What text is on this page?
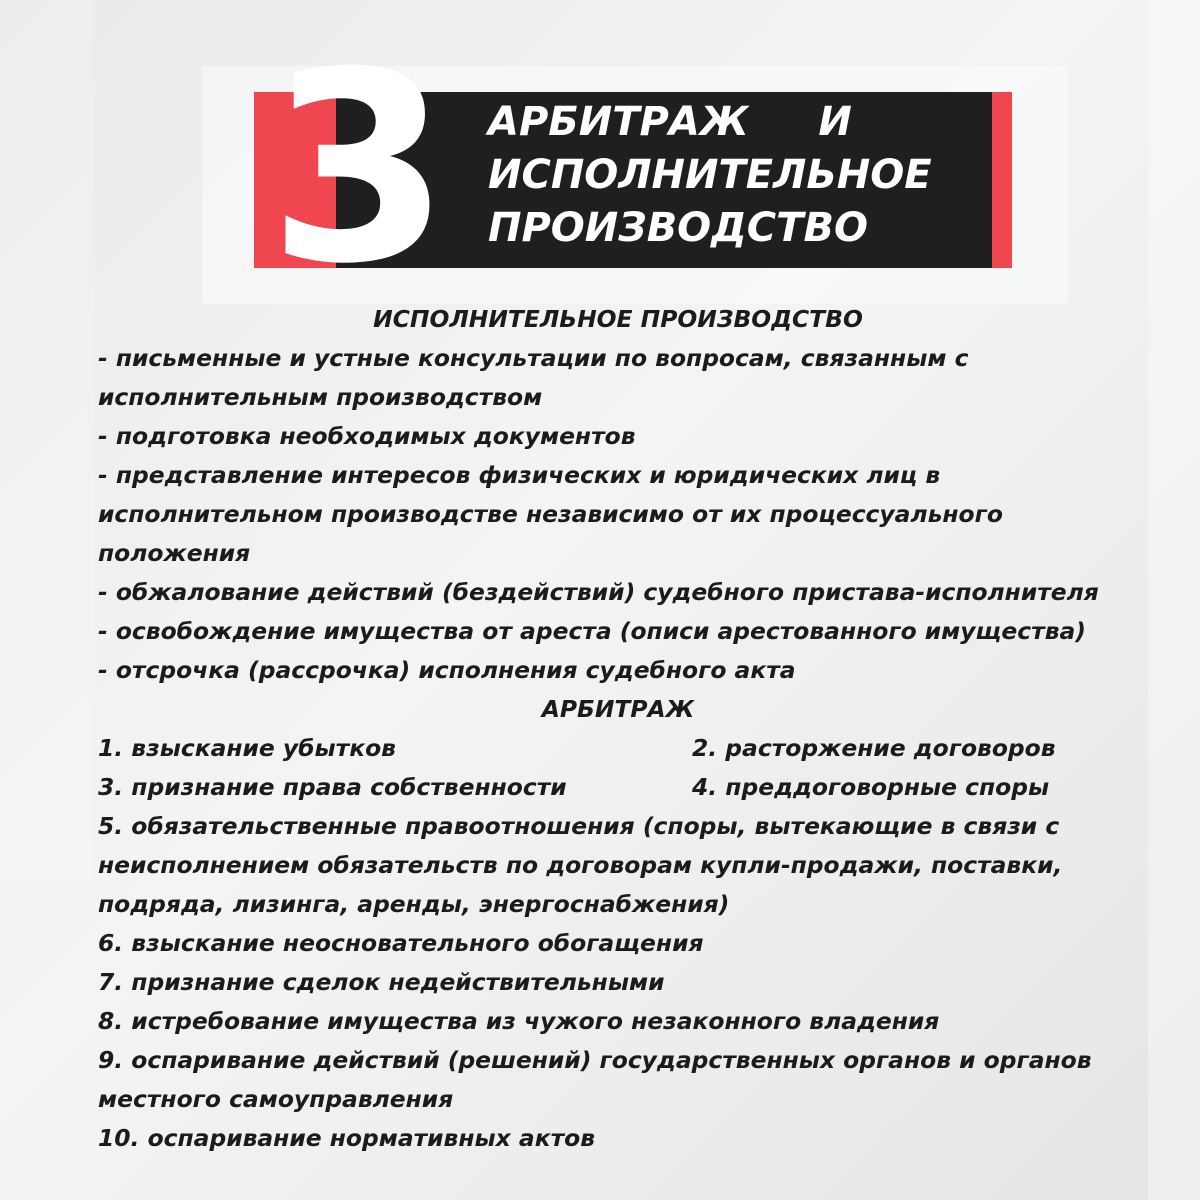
3 АРБИТРАЖ     И
ИСПОЛНИТЕЛЬНОЕ
ПРОИЗВОДСТВО

ИСПОЛНИТЕЛЬНОЕ ПРОИЗВОДСТВО

- письменные и устные консультации по вопросам, связанным с

исполнительным производством

- подготовка необходимых документов

- представление интересов физических и юридических лиц в

исполнительном производстве независимо от их процессуального

положения

- обжалование действий (бездействий) судебного пристава-исполнителя

- освобождение имущества от ареста (описи арестованного имущества)

- отсрочка (рассрочка) исполнения судебного акта

АРБИТРАЖ

1. взыскание убытков	2. расторжение договоров
3. признание права собственности	4. преддоговорные споры

5. обязательственные правоотношения (споры, вытекающие в связи с

неисполнением обязательств по договорам купли-продажи, поставки,

подряда, лизинга, аренды, энергоснабжения)

6. взыскание неосновательного обогащения

7. признание сделок недействительными

8. истребование имущества из чужого незаконного владения

9. оспаривание действий (решений) государственных органов и органов

местного самоуправления

10. оспаривание нормативных актов
